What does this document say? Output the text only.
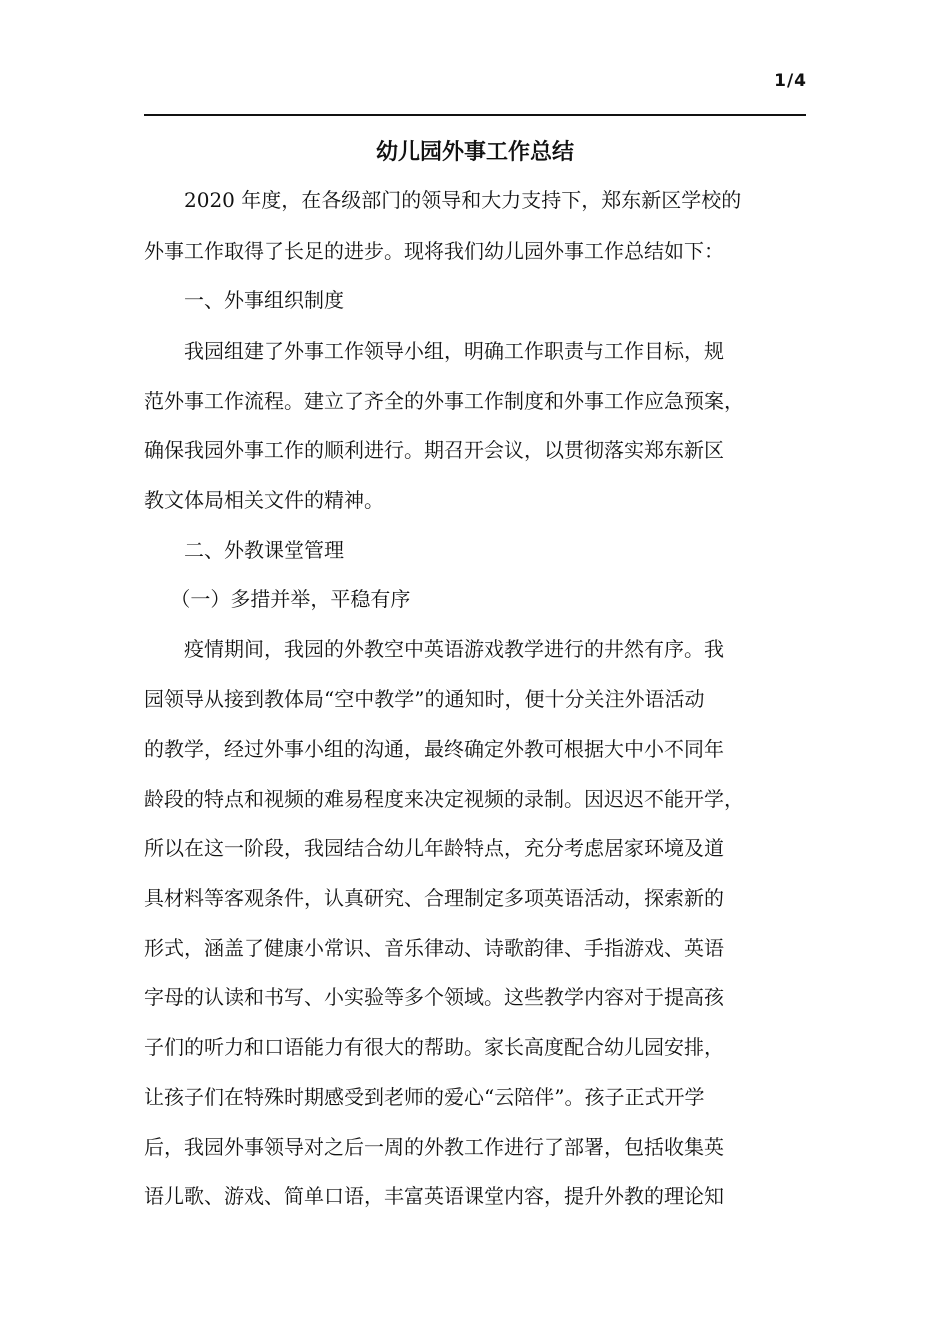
1/4
幼儿园外事工作总结
　　2020 年度，在各级部门的领导和大力支持下，郑东新区学校的
外事工作取得了长足的进步。现将我们幼儿园外事工作总结如下：
　　一、外事组织制度
　　我园组建了外事工作领导小组，明确工作职责与工作目标，规
范外事工作流程。建立了齐全的外事工作制度和外事工作应急预案，
确保我园外事工作的顺利进行。期召开会议，以贯彻落实郑东新区
教文体局相关文件的精神。
　　二、外教课堂管理
　 （一）多措并举，平稳有序
　　疫情期间，我园的外教空中英语游戏教学进行的井然有序。我
园领导从接到教体局“空中教学”的通知时，便十分关注外语活动
的教学，经过外事小组的沟通，最终确定外教可根据大中小不同年
龄段的特点和视频的难易程度来决定视频的录制。因迟迟不能开学，
所以在这一阶段，我园结合幼儿年龄特点，充分考虑居家环境及道
具材料等客观条件，认真研究、合理制定多项英语活动，探索新的
形式，涵盖了健康小常识、音乐律动、诗歌韵律、手指游戏、英语
字母的认读和书写、小实验等多个领域。这些教学内容对于提高孩
子们的听力和口语能力有很大的帮助。家长高度配合幼儿园安排，
让孩子们在特殊时期感受到老师的爱心“云陪伴”。孩子正式开学
后，我园外事领导对之后一周的外教工作进行了部署，包括收集英
语儿歌、游戏、简单口语，丰富英语课堂内容，提升外教的理论知
